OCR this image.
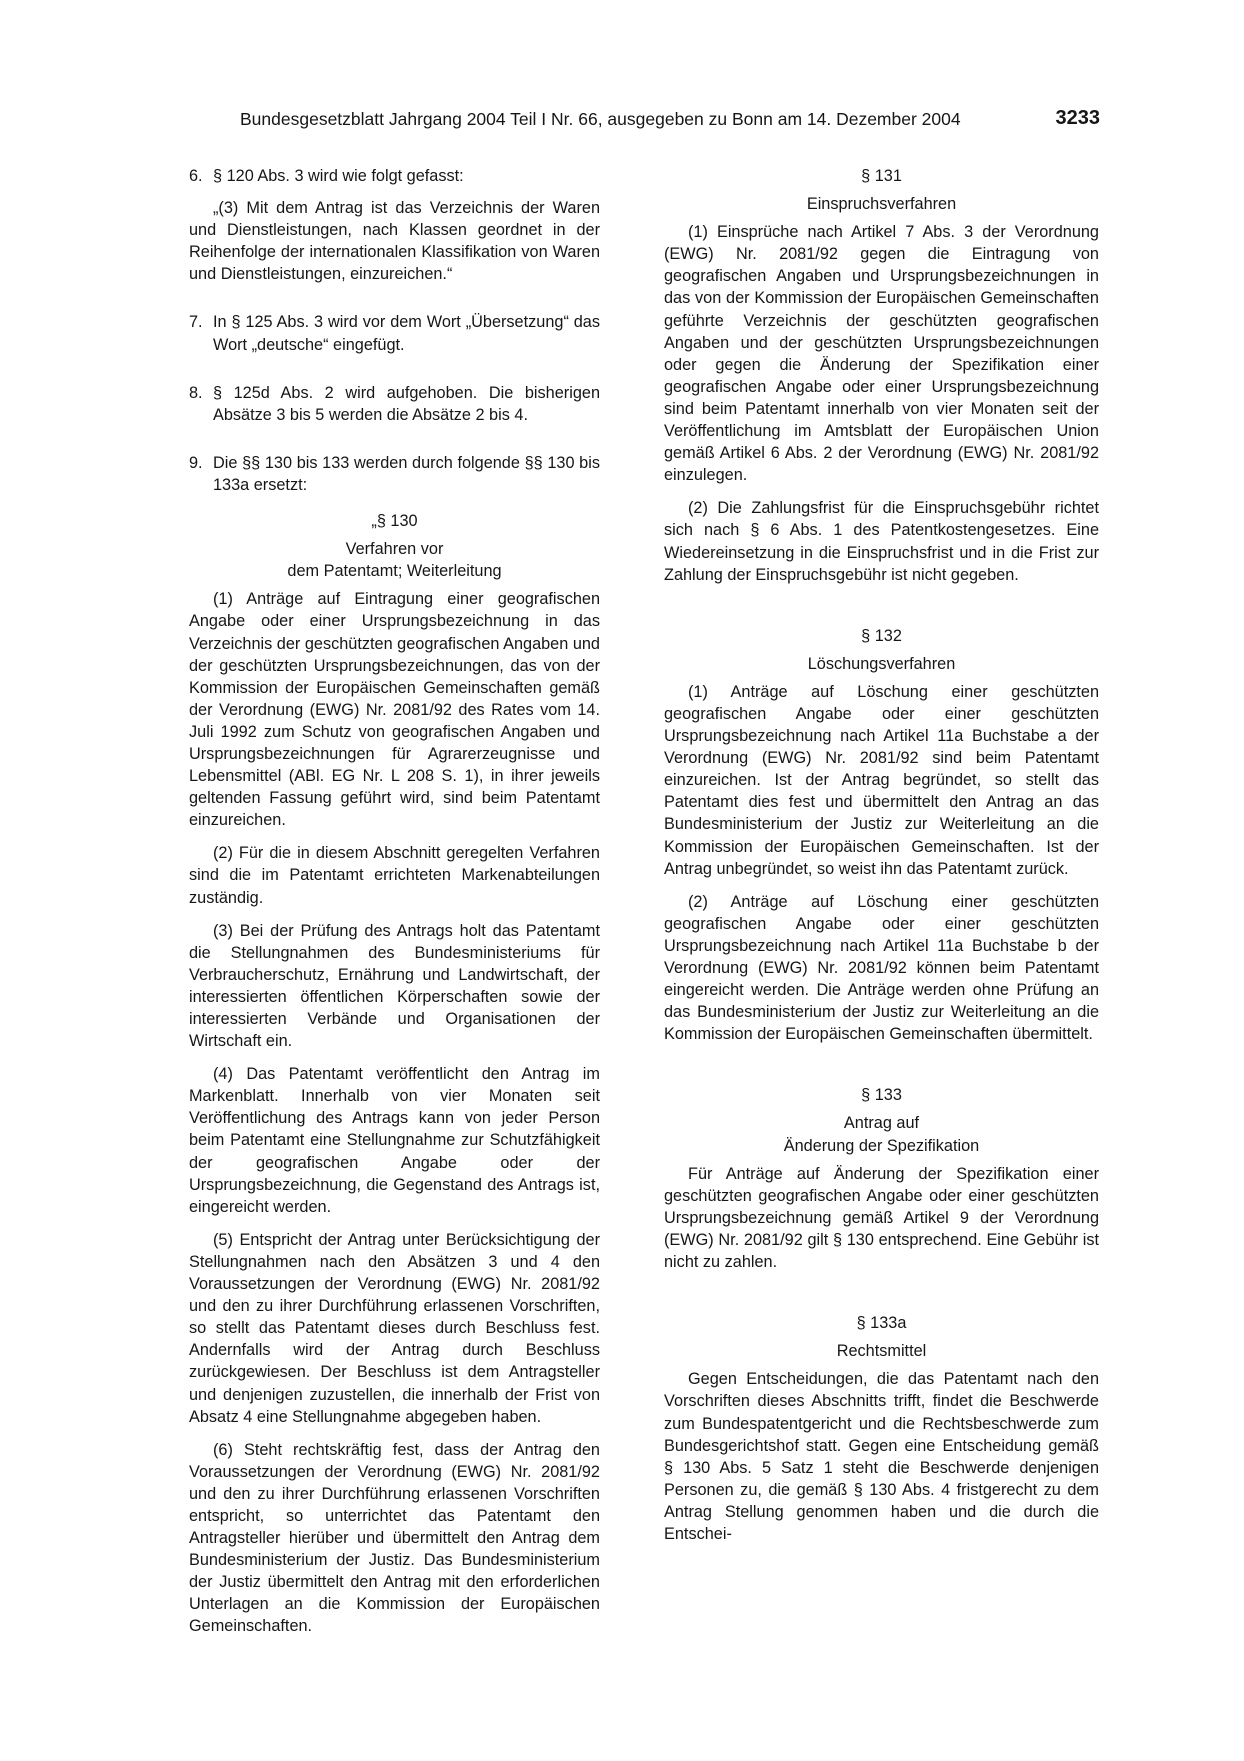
Bundesgesetzblatt Jahrgang 2004 Teil I Nr. 66, ausgegeben zu Bonn am 14. Dezember 2004	3233
6. § 120 Abs. 3 wird wie folgt gefasst:
„(3) Mit dem Antrag ist das Verzeichnis der Waren und Dienstleistungen, nach Klassen geordnet in der Reihenfolge der internationalen Klassifikation von Waren und Dienstleistungen, einzureichen.“
7. In § 125 Abs. 3 wird vor dem Wort „Übersetzung“ das Wort „deutsche“ eingefügt.
8. § 125d Abs. 2 wird aufgehoben. Die bisherigen Absätze 3 bis 5 werden die Absätze 2 bis 4.
9. Die §§ 130 bis 133 werden durch folgende §§ 130 bis 133a ersetzt:
„§ 130
Verfahren vor
dem Patentamt; Weiterleitung

(1) Anträge auf Eintragung einer geografischen Angabe oder einer Ursprungsbezeichnung in das Verzeichnis der geschützten geografischen Angaben und der geschützten Ursprungsbezeichnungen, das von der Kommission der Europäischen Gemeinschaften gemäß der Verordnung (EWG) Nr. 2081/92 des Rates vom 14. Juli 1992 zum Schutz von geografischen Angaben und Ursprungsbezeichnungen für Agrarerzeugnisse und Lebensmittel (ABl. EG Nr. L 208 S. 1), in ihrer jeweils geltenden Fassung geführt wird, sind beim Patentamt einzureichen.

(2) Für die in diesem Abschnitt geregelten Verfahren sind die im Patentamt errichteten Markenabteilungen zuständig.

(3) Bei der Prüfung des Antrags holt das Patentamt die Stellungnahmen des Bundesministeriums für Verbraucherschutz, Ernährung und Landwirtschaft, der interessierten öffentlichen Körperschaften sowie der interessierten Verbände und Organisationen der Wirtschaft ein.

(4) Das Patentamt veröffentlicht den Antrag im Markenblatt. Innerhalb von vier Monaten seit Veröffentlichung des Antrags kann von jeder Person beim Patentamt eine Stellungnahme zur Schutzfähigkeit der geografischen Angabe oder der Ursprungsbezeichnung, die Gegenstand des Antrags ist, eingereicht werden.

(5) Entspricht der Antrag unter Berücksichtigung der Stellungnahmen nach den Absätzen 3 und 4 den Voraussetzungen der Verordnung (EWG) Nr. 2081/92 und den zu ihrer Durchführung erlassenen Vorschriften, so stellt das Patentamt dieses durch Beschluss fest. Andernfalls wird der Antrag durch Beschluss zurückgewiesen. Der Beschluss ist dem Antragsteller und denjenigen zuzustellen, die innerhalb der Frist von Absatz 4 eine Stellungnahme abgegeben haben.

(6) Steht rechtskräftig fest, dass der Antrag den Voraussetzungen der Verordnung (EWG) Nr. 2081/92 und den zu ihrer Durchführung erlassenen Vorschriften entspricht, so unterrichtet das Patentamt den Antragsteller hierüber und übermittelt den Antrag dem Bundesministerium der Justiz. Das Bundesministerium der Justiz übermittelt den Antrag mit den erforderlichen Unterlagen an die Kommission der Europäischen Gemeinschaften.

§ 131
Einspruchsverfahren

(1) Einsprüche nach Artikel 7 Abs. 3 der Verordnung (EWG) Nr. 2081/92 gegen die Eintragung von geografischen Angaben und Ursprungsbezeichnungen in das von der Kommission der Europäischen Gemeinschaften geführte Verzeichnis der geschützten geografischen Angaben und der geschützten Ursprungsbezeichnungen oder gegen die Änderung der Spezifikation einer geografischen Angabe oder einer Ursprungsbezeichnung sind beim Patentamt innerhalb von vier Monaten seit der Veröffentlichung im Amtsblatt der Europäischen Union gemäß Artikel 6 Abs. 2 der Verordnung (EWG) Nr. 2081/92 einzulegen.

(2) Die Zahlungsfrist für die Einspruchsgebühr richtet sich nach § 6 Abs. 1 des Patentkostengesetzes. Eine Wiedereinsetzung in die Einspruchsfrist und in die Frist zur Zahlung der Einspruchsgebühr ist nicht gegeben.

§ 132
Löschungsverfahren

(1) Anträge auf Löschung einer geschützten geografischen Angabe oder einer geschützten Ursprungsbezeichnung nach Artikel 11a Buchstabe a der Verordnung (EWG) Nr. 2081/92 sind beim Patentamt einzureichen. Ist der Antrag begründet, so stellt das Patentamt dies fest und übermittelt den Antrag an das Bundesministerium der Justiz zur Weiterleitung an die Kommission der Europäischen Gemeinschaften. Ist der Antrag unbegründet, so weist ihn das Patentamt zurück.

(2) Anträge auf Löschung einer geschützten geografischen Angabe oder einer geschützten Ursprungsbezeichnung nach Artikel 11a Buchstabe b der Verordnung (EWG) Nr. 2081/92 können beim Patentamt eingereicht werden. Die Anträge werden ohne Prüfung an das Bundesministerium der Justiz zur Weiterleitung an die Kommission der Europäischen Gemeinschaften übermittelt.

§ 133
Antrag auf
Änderung der Spezifikation

Für Anträge auf Änderung der Spezifikation einer geschützten geografischen Angabe oder einer geschützten Ursprungsbezeichnung gemäß Artikel 9 der Verordnung (EWG) Nr. 2081/92 gilt § 130 entsprechend. Eine Gebühr ist nicht zu zahlen.

§ 133a
Rechtsmittel

Gegen Entscheidungen, die das Patentamt nach den Vorschriften dieses Abschnitts trifft, findet die Beschwerde zum Bundespatentgericht und die Rechtsbeschwerde zum Bundesgerichtshof statt. Gegen eine Entscheidung gemäß § 130 Abs. 5 Satz 1 steht die Beschwerde denjenigen Personen zu, die gemäß § 130 Abs. 4 fristgerecht zu dem Antrag Stellung genommen haben und die durch die Entschei-
